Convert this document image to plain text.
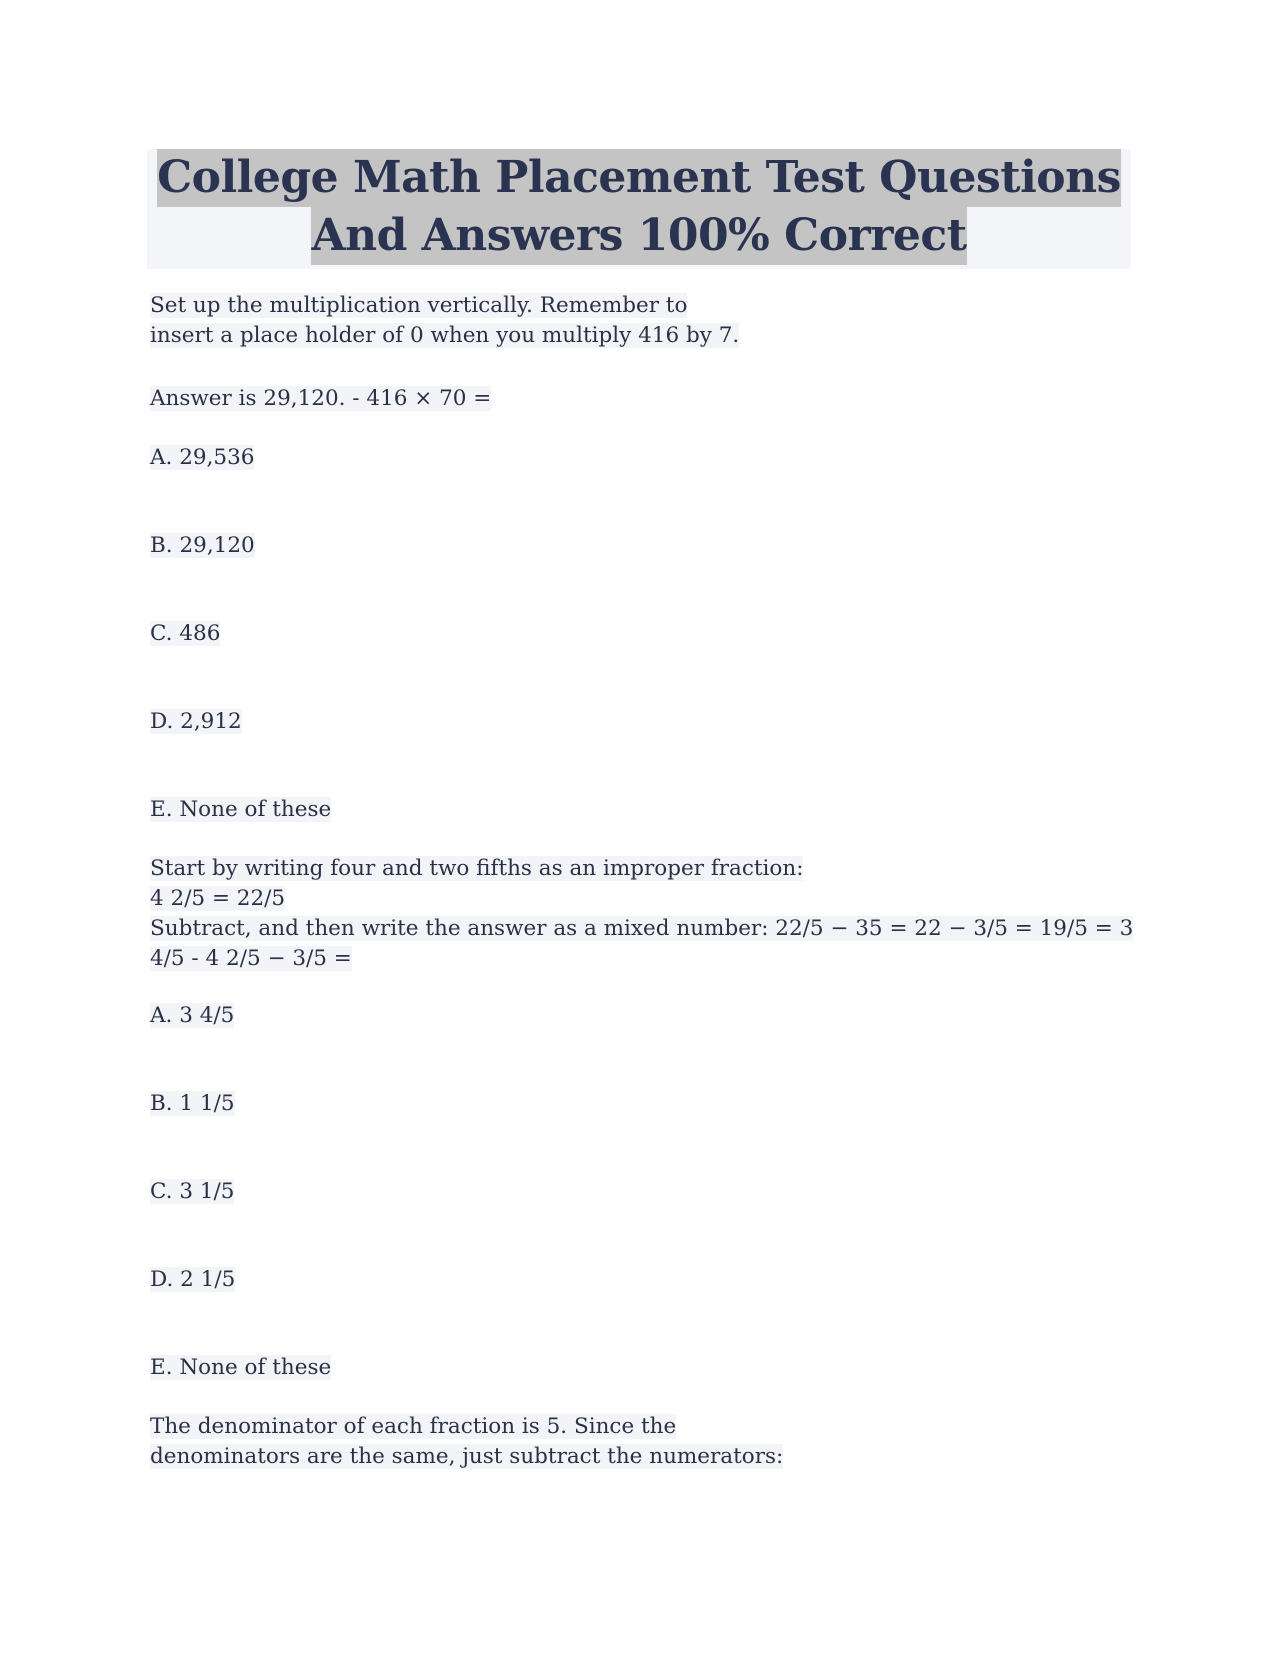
College Math Placement Test Questions
And Answers 100% Correct
Set up the multiplication vertically. Remember to
insert a place holder of 0 when you multiply 416 by 7.
Answer is 29,120. - 416 × 70 =
A. 29,536
B. 29,120
C. 486
D. 2,912
E. None of these
Start by writing four and two fifths as an improper fraction:
4 2/5 = 22/5
Subtract, and then write the answer as a mixed number: 22/5 − 35 = 22 − 3/5 = 19/5 = 3
4/5 - 4 2/5 − 3/5 =
A. 3 4/5
B. 1 1/5
C. 3 1/5
D. 2 1/5
E. None of these
The denominator of each fraction is 5. Since the
denominators are the same, just subtract the numerators:
